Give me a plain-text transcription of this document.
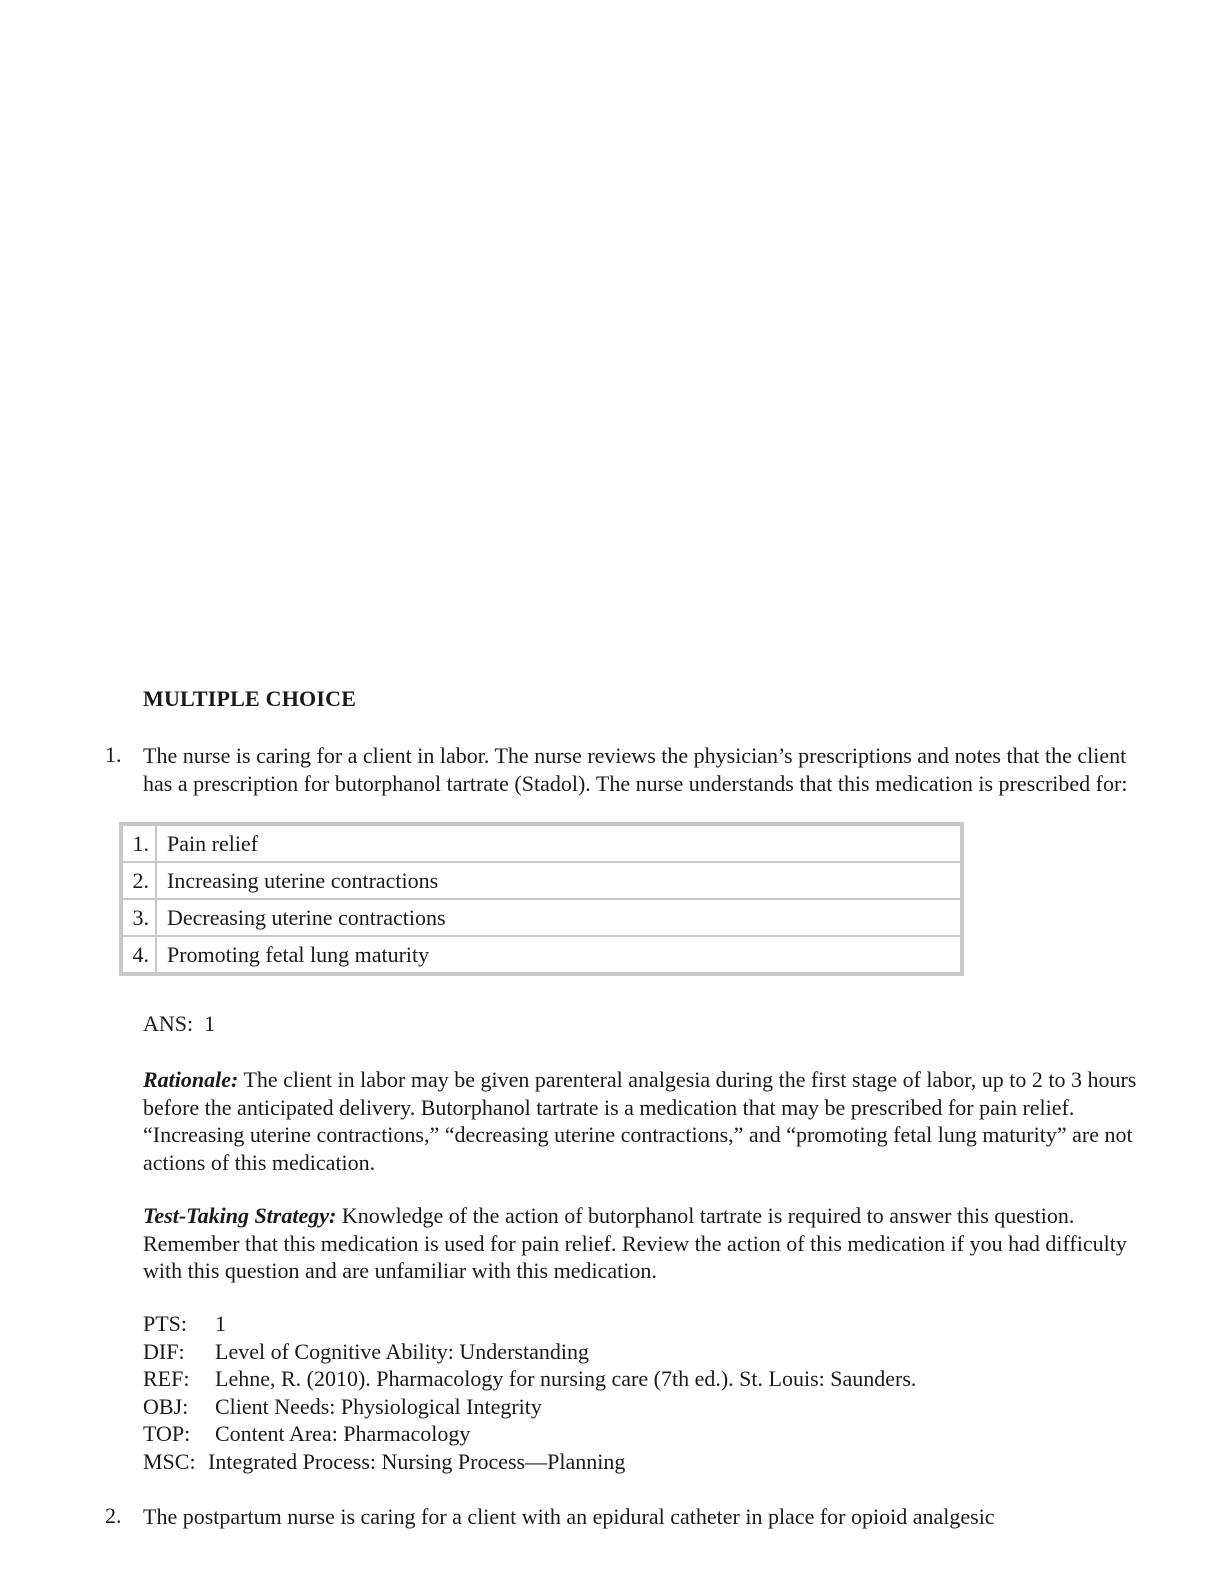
MULTIPLE CHOICE
1. The nurse is caring for a client in labor. The nurse reviews the physician’s prescriptions and notes that the client has a prescription for butorphanol tartrate (Stadol). The nurse understands that this medication is prescribed for:
1.	Pain relief
2.	Increasing uterine contractions
3.	Decreasing uterine contractions
4.	Promoting fetal lung maturity
ANS: 1
Rationale: The client in labor may be given parenteral analgesia during the first stage of labor, up to 2 to 3 hours before the anticipated delivery. Butorphanol tartrate is a medication that may be prescribed for pain relief. “Increasing uterine contractions,” “decreasing uterine contractions,” and “promoting fetal lung maturity” are not actions of this medication.
Test-Taking Strategy: Knowledge of the action of butorphanol tartrate is required to answer this question. Remember that this medication is used for pain relief. Review the action of this medication if you had difficulty with this question and are unfamiliar with this medication.
PTS: 1
DIF: Level of Cognitive Ability: Understanding
REF: Lehne, R. (2010). Pharmacology for nursing care (7th ed.). St. Louis: Saunders.
OBJ: Client Needs: Physiological Integrity
TOP: Content Area: Pharmacology
MSC: Integrated Process: Nursing Process—Planning
2. The postpartum nurse is caring for a client with an epidural catheter in place for opioid analgesic
